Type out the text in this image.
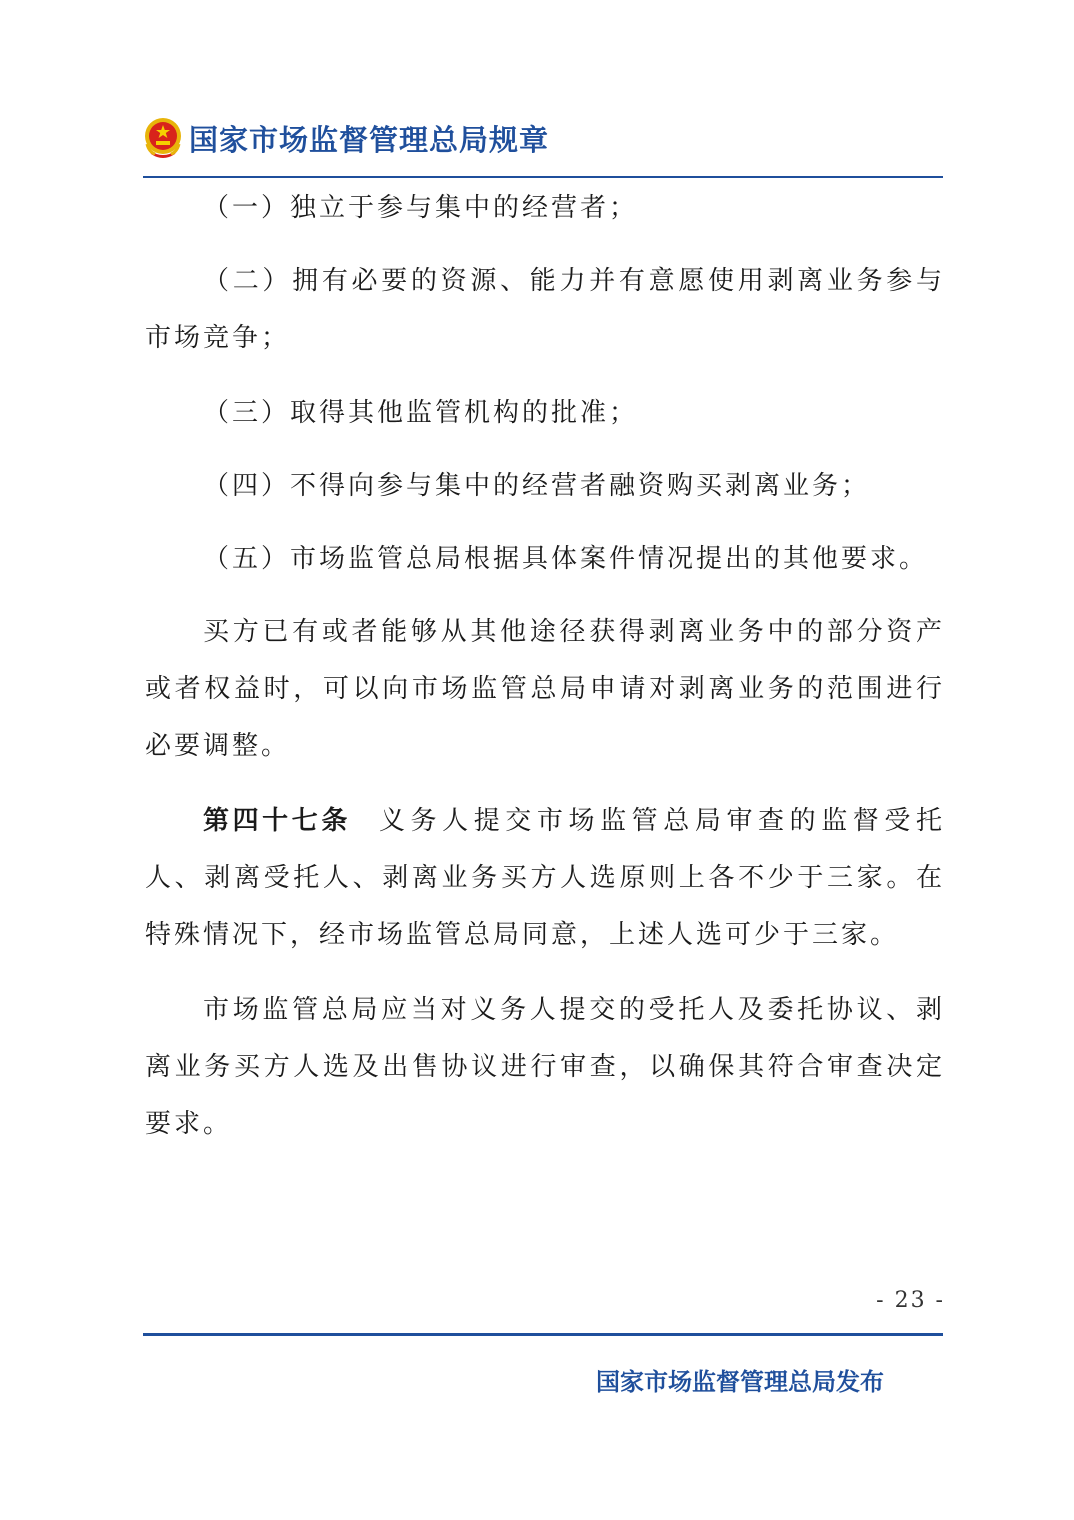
国家市场监督管理总局规章

（一）独立于参与集中的经营者；

（二）拥有必要的资源、能力并有意愿使用剥离业务参与市场竞争；

（三）取得其他监管机构的批准；

（四）不得向参与集中的经营者融资购买剥离业务；

（五）市场监管总局根据具体案件情况提出的其他要求。

买方已有或者能够从其他途径获得剥离业务中的部分资产或者权益时，可以向市场监管总局申请对剥离业务的范围进行必要调整。

第四十七条 义务人提交市场监管总局审查的监督受托人、剥离受托人、剥离业务买方人选原则上各不少于三家。在特殊情况下，经市场监管总局同意，上述人选可少于三家。

市场监管总局应当对义务人提交的受托人及委托协议、剥离业务买方人选及出售协议进行审查，以确保其符合审查决定要求。

- 23 -
国家市场监督管理总局发布
